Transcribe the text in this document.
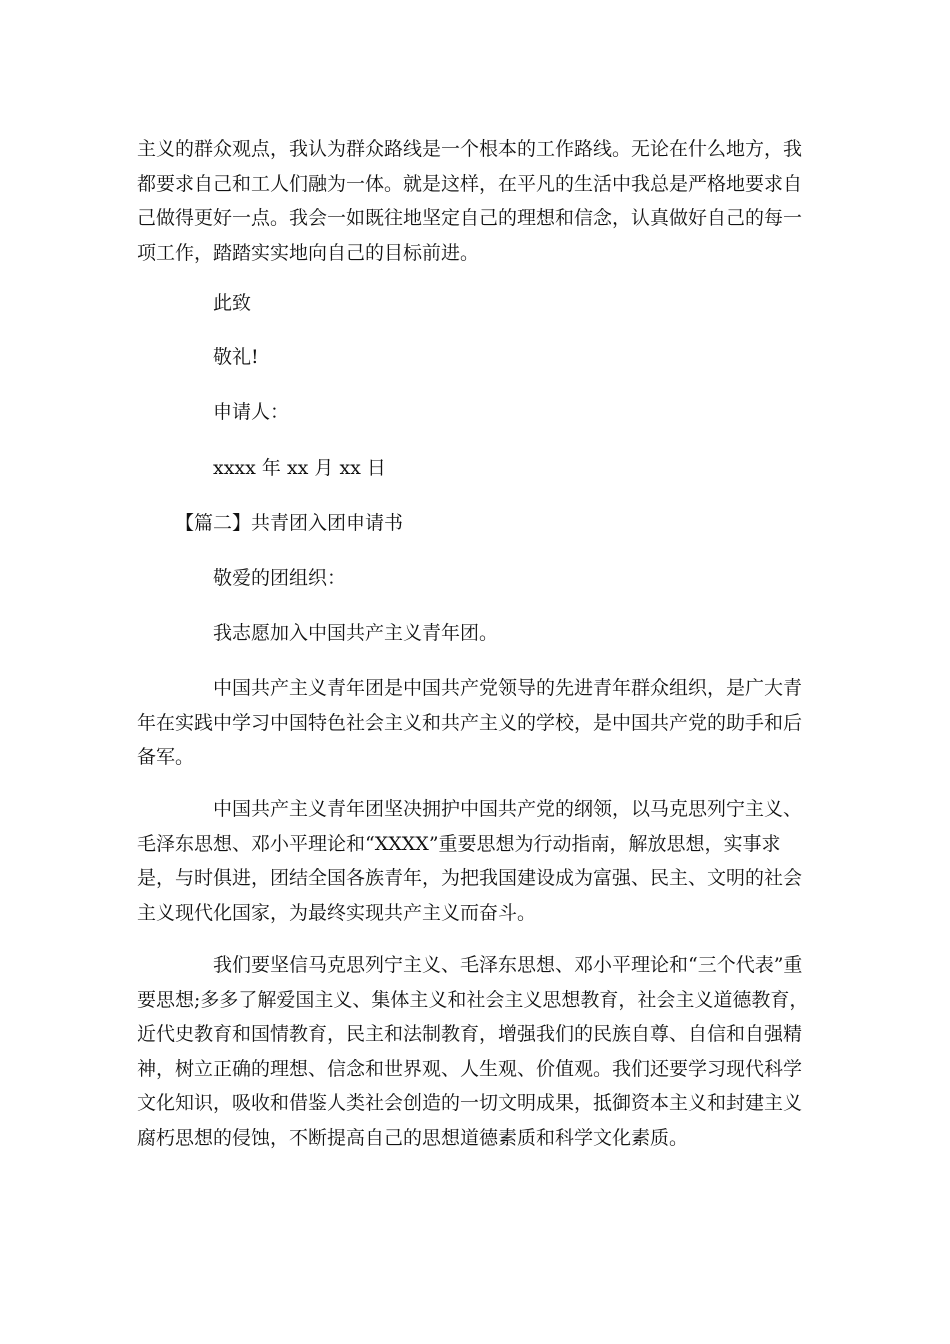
主义的群众观点，我认为群众路线是一个根本的工作路线。无论在什么地方，我都要求自己和工人们融为一体。就是这样，在平凡的生活中我总是严格地要求自己做得更好一点。我会一如既往地坚定自己的理想和信念，认真做好自己的每一项工作，踏踏实实地向自己的目标前进。
此致
敬礼!
申请人：
xxxx 年 xx 月 xx 日
【篇二】共青团入团申请书
敬爱的团组织：
我志愿加入中国共产主义青年团。
　　　　中国共产主义青年团是中国共产党领导的先进青年群众组织，是广大青年在实践中学习中国特色社会主义和共产主义的学校，是中国共产党的助手和后备军。
　　　　中国共产主义青年团坚决拥护中国共产党的纲领，以马克思列宁主义、毛泽东思想、邓小平理论和“XXXX”重要思想为行动指南，解放思想，实事求是，与时俱进，团结全国各族青年，为把我国建设成为富强、民主、文明的社会主义现代化国家，为最终实现共产主义而奋斗。
　　　　我们要坚信马克思列宁主义、毛泽东思想、邓小平理论和“三个代表”重要思想;多多了解爱国主义、集体主义和社会主义思想教育，社会主义道德教育，近代史教育和国情教育，民主和法制教育，增强我们的民族自尊、自信和自强精神，树立正确的理想、信念和世界观、人生观、价值观。我们还要学习现代科学文化知识，吸收和借鉴人类社会创造的一切文明成果，抵御资本主义和封建主义腐朽思想的侵蚀，不断提高自己的思想道德素质和科学文化素质。
